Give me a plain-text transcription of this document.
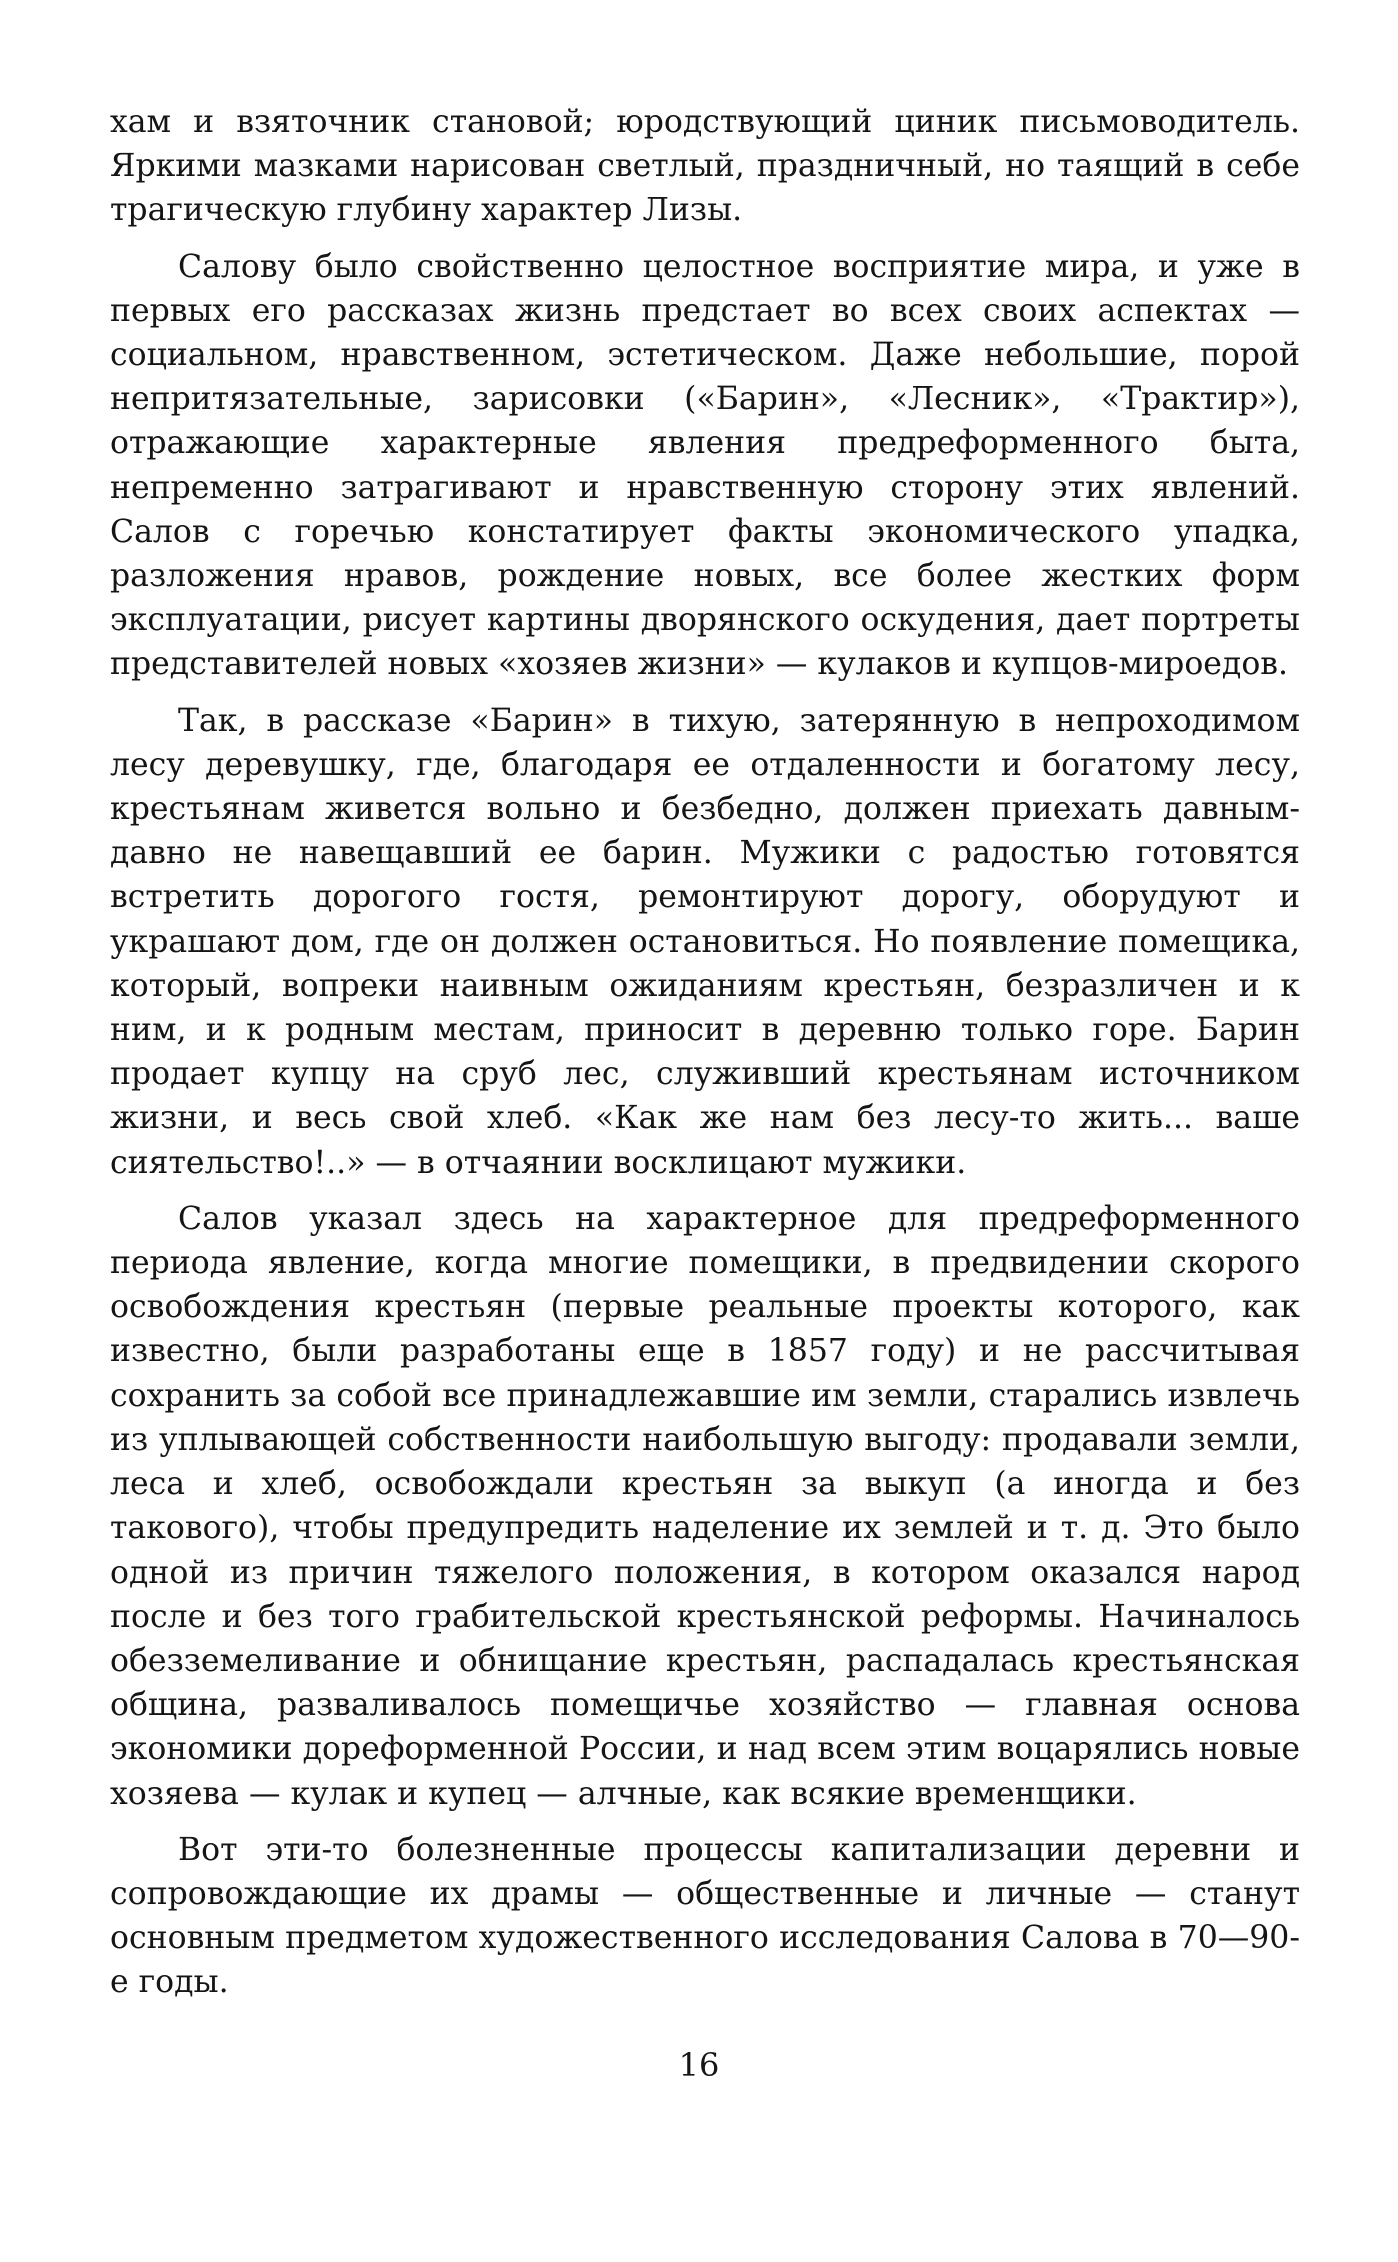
хам и взяточник становой; юродствующий циник письмоводитель. Яркими мазками нарисован светлый, праздничный, но таящий в себе трагическую глубину характер Лизы.

Салову было свойственно целостное восприятие мира, и уже в первых его рассказах жизнь предстает во всех своих аспектах — социальном, нравственном, эстетическом. Даже небольшие, порой непритязательные, зарисовки («Барин», «Лесник», «Трактир»), отражающие характерные явления предреформенного быта, непременно затрагивают и нравственную сторону этих явлений. Салов с горечью констатирует факты экономического упадка, разложения нравов, рождение новых, все более жестких форм эксплуатации, рисует картины дворянского оскудения, дает портреты представителей новых «хозяев жизни» — кулаков и купцов-мироедов.

Так, в рассказе «Барин» в тихую, затерянную в непроходимом лесу деревушку, где, благодаря ее отдаленности и богатому лесу, крестьянам живется вольно и безбедно, должен приехать давным-давно не навещавший ее барин. Мужики с радостью готовятся встретить дорогого гостя, ремонтируют дорогу, оборудуют и украшают дом, где он должен остановиться. Но появление помещика, который, вопреки наивным ожиданиям крестьян, безразличен и к ним, и к родным местам, приносит в деревню только горе. Барин продает купцу на сруб лес, служивший крестьянам источником жизни, и весь свой хлеб. «Как же нам без лесу-то жить... ваше сиятельство!..» — в отчаянии восклицают мужики.

Салов указал здесь на характерное для предреформенного периода явление, когда многие помещики, в предвидении скорого освобождения крестьян (первые реальные проекты которого, как известно, были разработаны еще в 1857 году) и не рассчитывая сохранить за собой все принадлежавшие им земли, старались извлечь из уплывающей собственности наибольшую выгоду: продавали земли, леса и хлеб, освобождали крестьян за выкуп (а иногда и без такового), чтобы предупредить наделение их землей и т. д. Это было одной из причин тяжелого положения, в котором оказался народ после и без того грабительской крестьянской реформы. Начиналось обезземеливание и обнищание крестьян, распадалась крестьянская община, разваливалось помещичье хозяйство — главная основа экономики дореформенной России, и над всем этим воцарялись новые хозяева — кулак и купец — алчные, как всякие временщики.

Вот эти-то болезненные процессы капитализации деревни и сопровождающие их драмы — общественные и личные — станут основным предметом художественного исследования Салова в 70—90-е годы.

16
